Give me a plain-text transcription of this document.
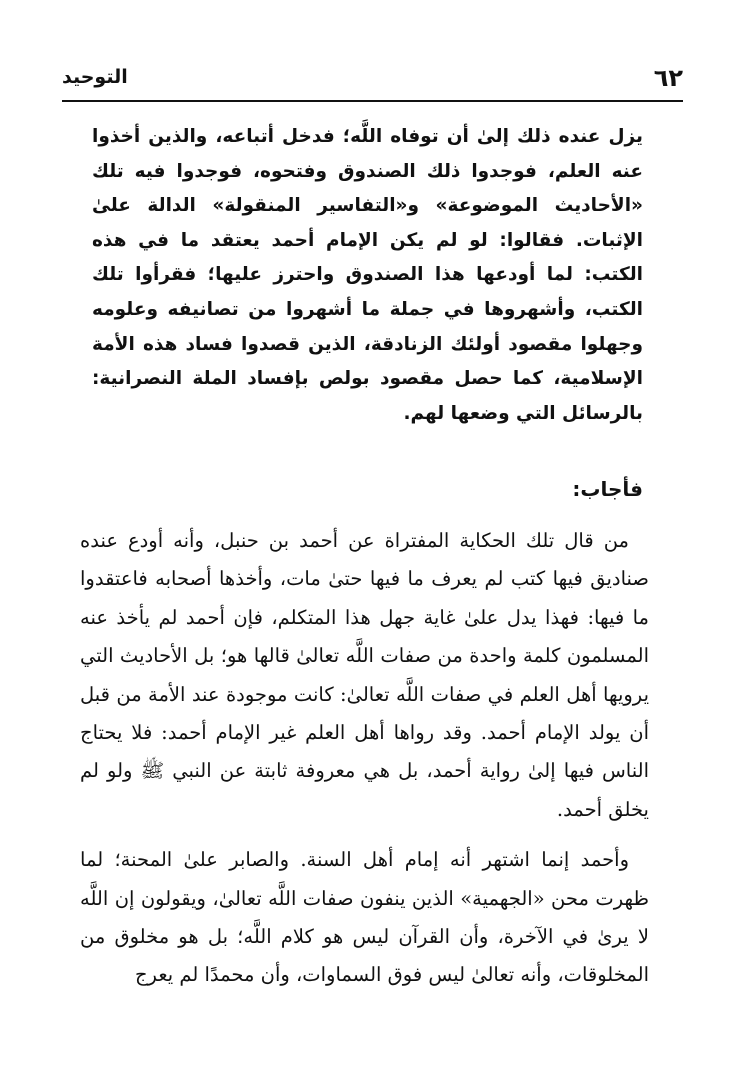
٦٢
التوحيد

يزل عنده ذلك إلىٰ أن توفاه اللَّه؛ فدخل أتباعه، والذين أخذوا عنه العلم، فوجدوا ذلك الصندوق وفتحوه، فوجدوا فيه تلك «الأحاديث الموضوعة» و«التفاسير المنقولة» الدالة علىٰ الإثبات. فقالوا: لو لم يكن الإمام أحمد يعتقد ما في هذه الكتب: لما أودعها هذا الصندوق واحترز عليها؛ فقرأوا تلك الكتب، وأشهروها في جملة ما أشهروا من تصانيفه وعلومه وجهلوا مقصود أولئك الزنادقة، الذين قصدوا فساد هذه الأمة الإسلامية، كما حصل مقصود بولص بإفساد الملة النصرانية: بالرسائل التي وضعها لهم.

فأجاب:

من قال تلك الحكاية المفتراة عن أحمد بن حنبل، وأنه أودع عنده صناديق فيها كتب لم يعرف ما فيها حتىٰ مات، وأخذها أصحابه فاعتقدوا ما فيها: فهذا يدل علىٰ غاية جهل هذا المتكلم، فإن أحمد لم يأخذ عنه المسلمون كلمة واحدة من صفات اللَّه تعالىٰ قالها هو؛ بل الأحاديث التي يرويها أهل العلم في صفات اللَّه تعالىٰ: كانت موجودة عند الأمة من قبل أن يولد الإمام أحمد. وقد رواها أهل العلم غير الإمام أحمد: فلا يحتاج الناس فيها إلىٰ رواية أحمد، بل هي معروفة ثابتة عن النبي ﷺ ولو لم يخلق أحمد.

وأحمد إنما اشتهر أنه إمام أهل السنة. والصابر علىٰ المحنة؛ لما ظهرت محن «الجهمية» الذين ينفون صفات اللَّه تعالىٰ، ويقولون إن اللَّه لا يرىٰ في الآخرة، وأن القرآن ليس هو كلام اللَّه؛ بل هو مخلوق من المخلوقات، وأنه تعالىٰ ليس فوق السماوات، وأن محمدًا لم يعرج
